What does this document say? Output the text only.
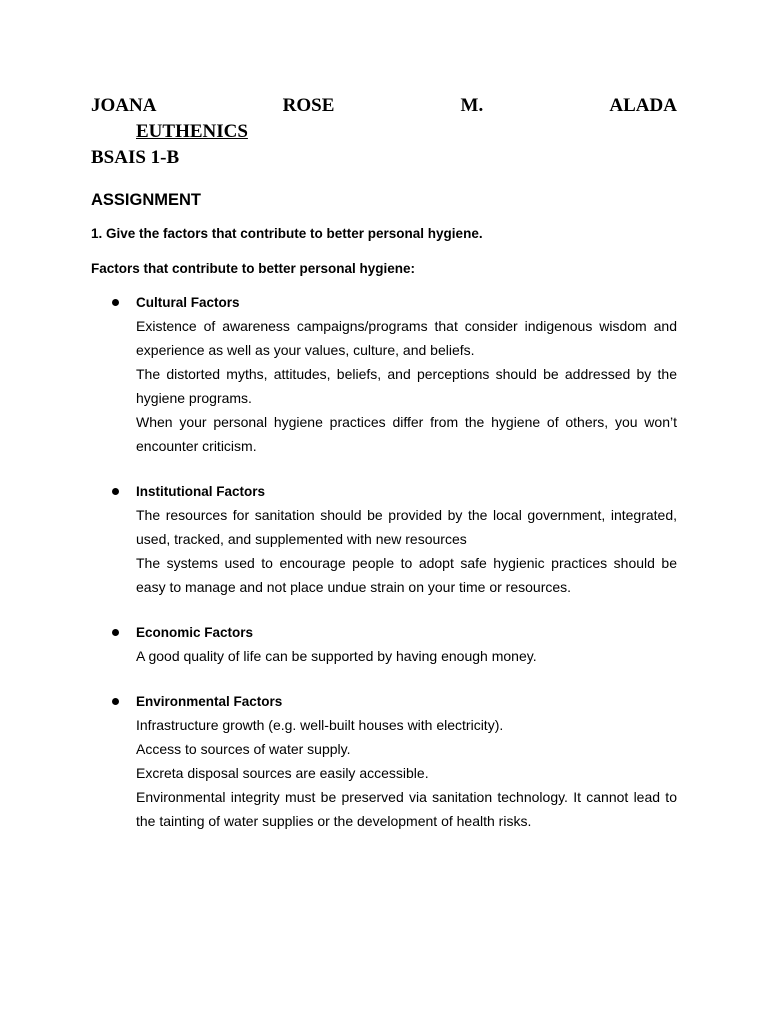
JOANA	ROSE	M.	ALADA
EUTHENICS
BSAIS 1-B
ASSIGNMENT
1. Give the factors that contribute to better personal hygiene.
Factors that contribute to better personal hygiene:
Cultural Factors

Existence of awareness campaigns/programs that consider indigenous wisdom and experience as well as your values, culture, and beliefs.

The distorted myths, attitudes, beliefs, and perceptions should be addressed by the hygiene programs.

When your personal hygiene practices differ from the hygiene of others, you won’t encounter criticism.

Institutional Factors

The resources for sanitation should be provided by the local government, integrated, used, tracked, and supplemented with new resources

The systems used to encourage people to adopt safe hygienic practices should be easy to manage and not place undue strain on your time or resources.

Economic Factors

A good quality of life can be supported by having enough money.

Environmental Factors

Infrastructure growth (e.g. well-built houses with electricity).

Access to sources of water supply.

Excreta disposal sources are easily accessible.

Environmental integrity must be preserved via sanitation technology. It cannot lead to the tainting of water supplies or the development of health risks.
